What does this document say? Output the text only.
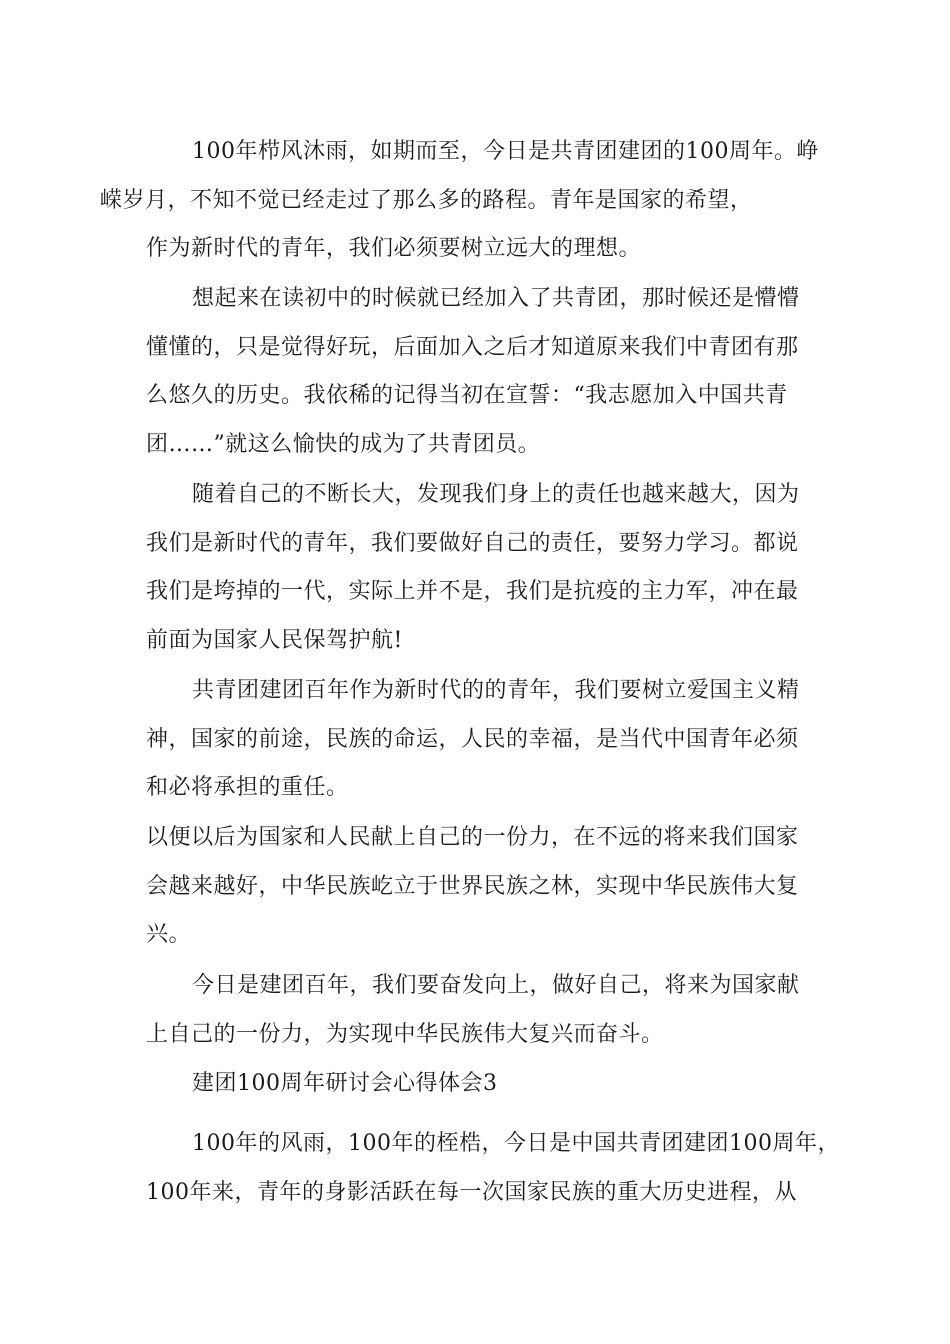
100年栉风沐雨，如期而至，今日是共青团建团的100周年。峥
嵘岁月，不知不觉已经走过了那么多的路程。青年是国家的希望，
作为新时代的青年，我们必须要树立远大的理想。
想起来在读初中的时候就已经加入了共青团，那时候还是懵懵
懂懂的，只是觉得好玩，后面加入之后才知道原来我们中青团有那
么悠久的历史。我依稀的记得当初在宣誓：“我志愿加入中国共青
团……”就这么愉快的成为了共青团员。
随着自己的不断长大，发现我们身上的责任也越来越大，因为
我们是新时代的青年，我们要做好自己的责任，要努力学习。都说
我们是垮掉的一代，实际上并不是，我们是抗疫的主力军，冲在最
前面为国家人民保驾护航!
共青团建团百年作为新时代的的青年，我们要树立爱国主义精
神，国家的前途，民族的命运，人民的幸福，是当代中国青年必须
和必将承担的重任。
以便以后为国家和人民献上自己的一份力，在不远的将来我们国家
会越来越好，中华民族屹立于世界民族之林，实现中华民族伟大复
兴。
今日是建团百年，我们要奋发向上，做好自己，将来为国家献
上自己的一份力，为实现中华民族伟大复兴而奋斗。
建团100周年研讨会心得体会3
100年的风雨，100年的桎梏，今日是中国共青团建团100周年，
100年来，青年的身影活跃在每一次国家民族的重大历史进程，从
